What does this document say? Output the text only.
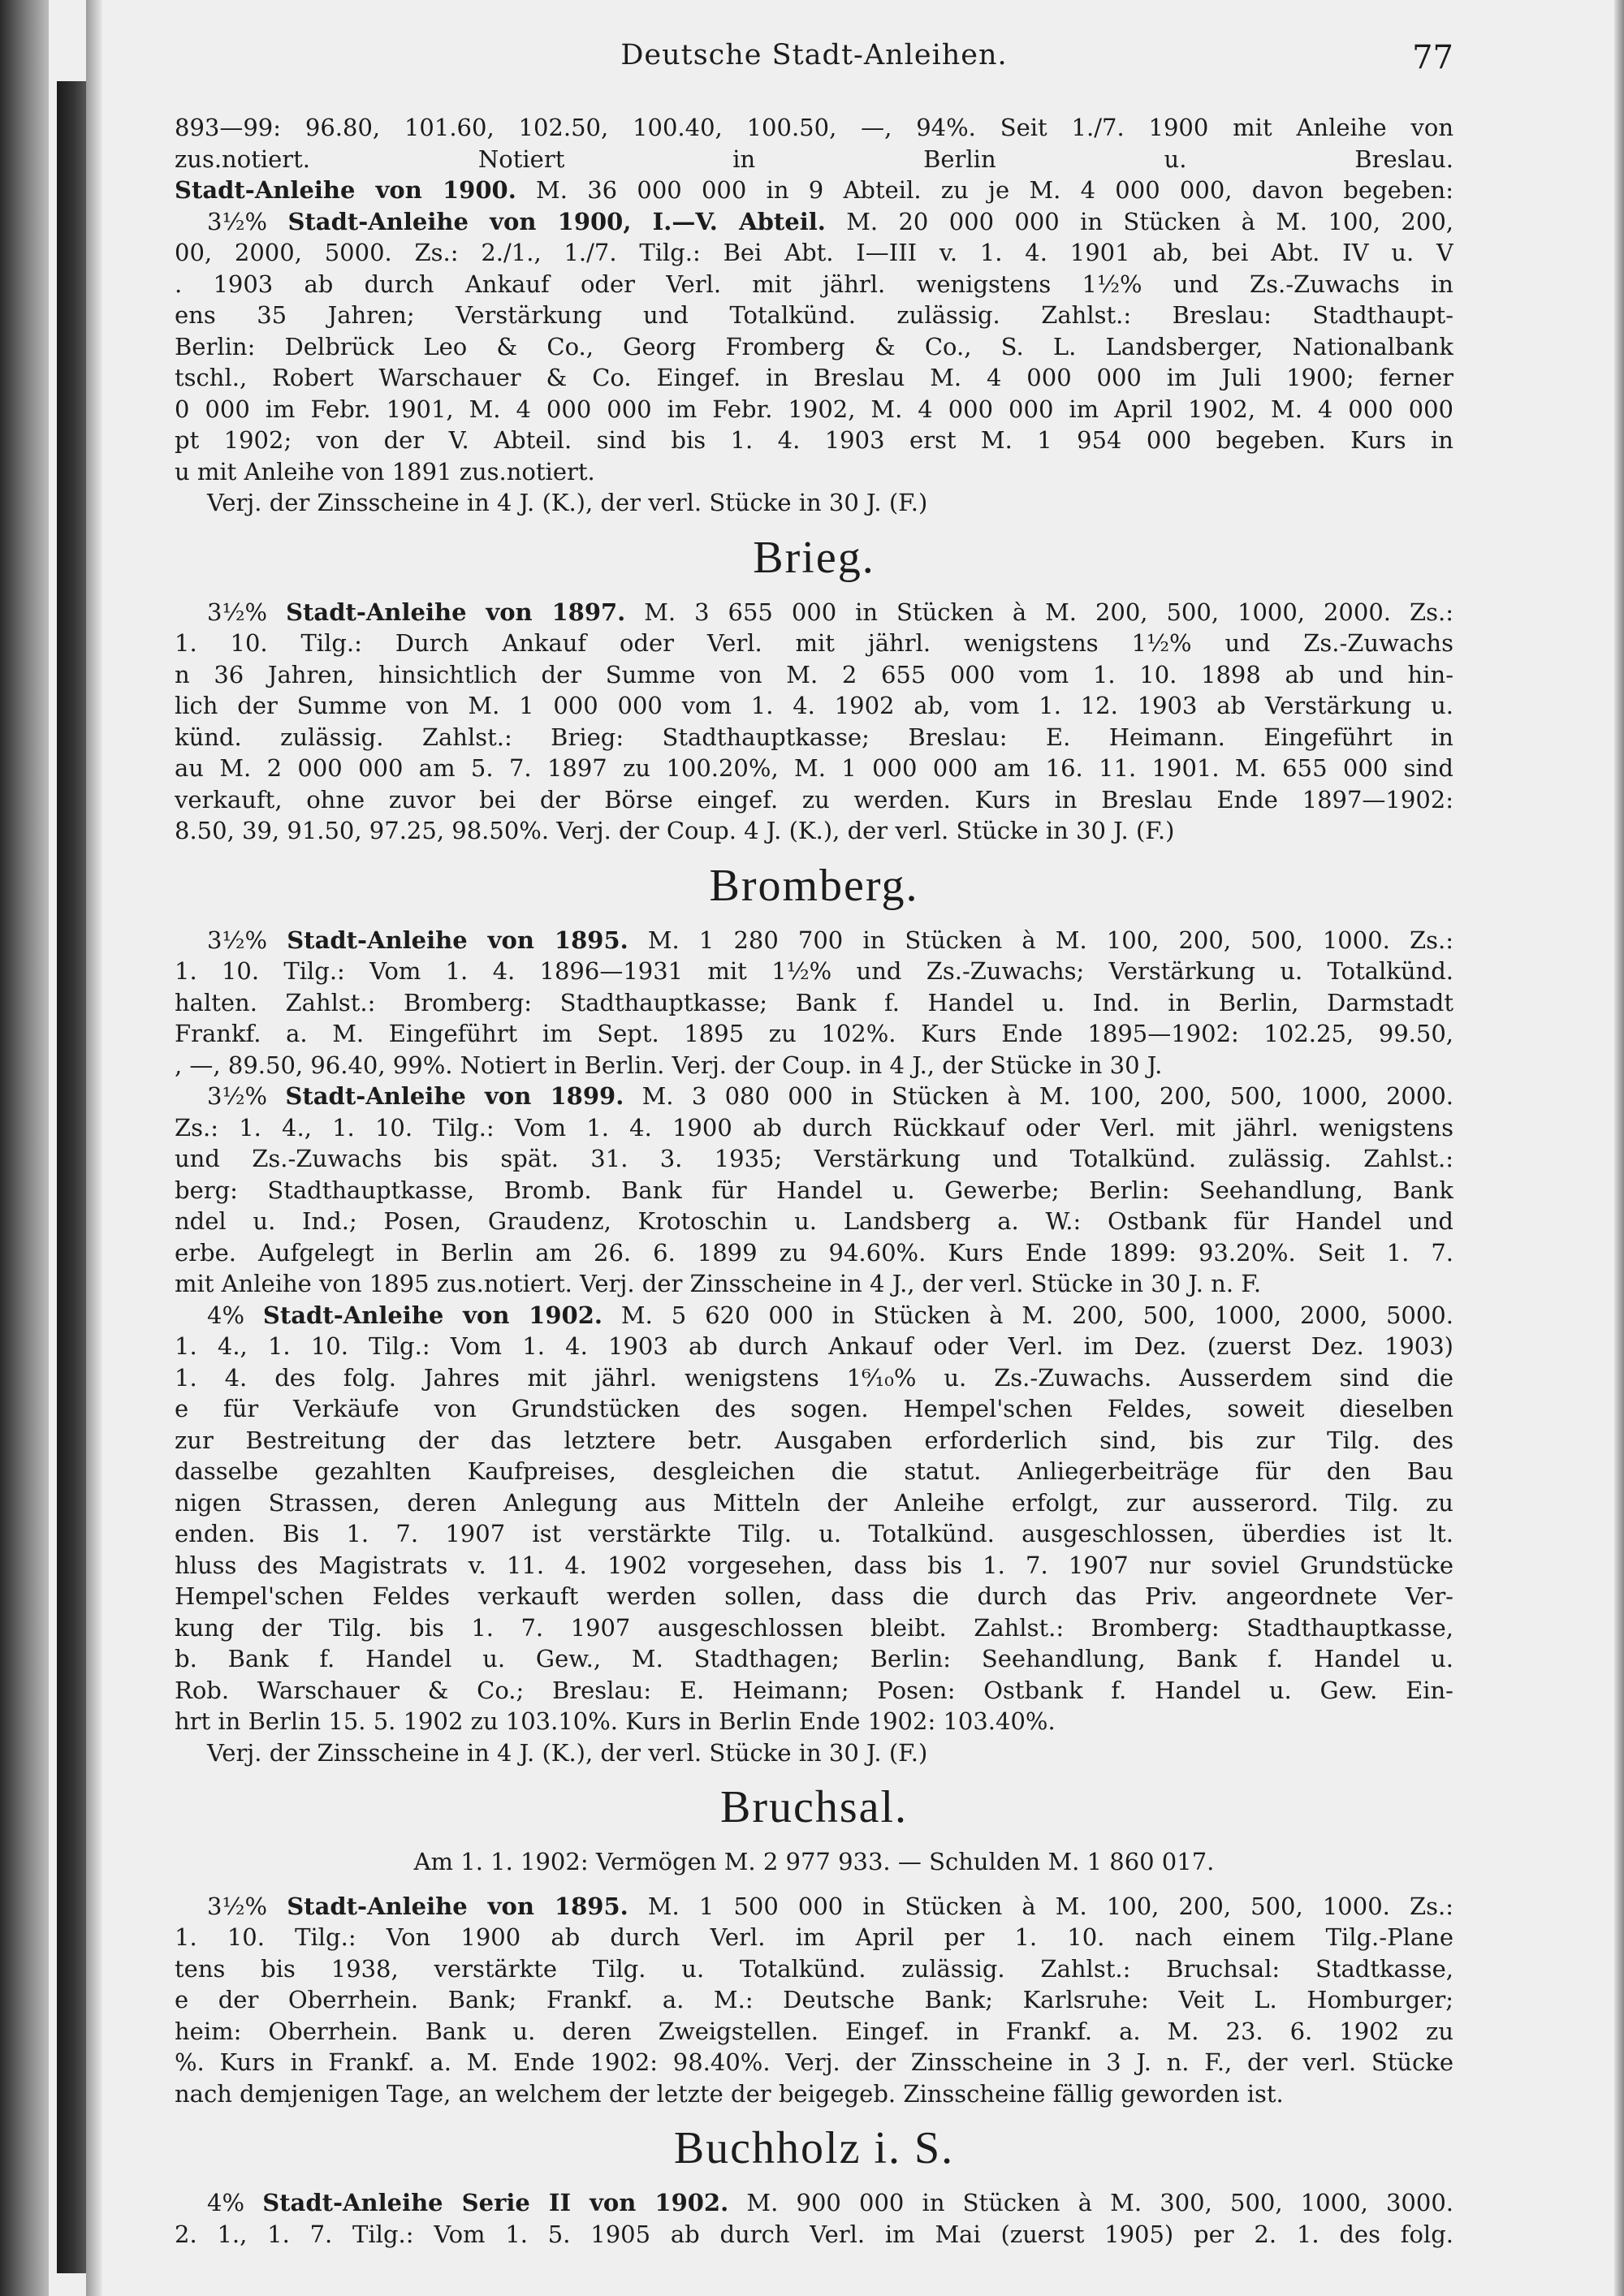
Deutsche Stadt-Anleihen.	77
893—99: 96.80, 101.60, 102.50, 100.40, 100.50, —, 94%. Seit 1./7. 1900 mit Anleihe von
zus.notiert. Notiert in Berlin u. Breslau.
Stadt-Anleihe von 1900. M. 36 000 000 in 9 Abteil. zu je M. 4 000 000, davon begeben:
3½% Stadt-Anleihe von 1900, I.—V. Abteil. M. 20 000 000 in Stücken à M. 100, 200,
00, 2000, 5000. Zs.: 2./1., 1./7. Tilg.: Bei Abt. I—III v. 1. 4. 1901 ab, bei Abt. IV u. V
. 1903 ab durch Ankauf oder Verl. mit jährl. wenigstens 1½% und Zs.-Zuwachs in
ens 35 Jahren; Verstärkung und Totalkünd. zulässig. Zahlst.: Breslau: Stadthaupt-
Berlin: Delbrück Leo & Co., Georg Fromberg & Co., S. L. Landsberger, Nationalbank
tschl., Robert Warschauer & Co. Eingef. in Breslau M. 4 000 000 im Juli 1900; ferner
0 000 im Febr. 1901, M. 4 000 000 im Febr. 1902, M. 4 000 000 im April 1902, M. 4 000 000
pt 1902; von der V. Abteil. sind bis 1. 4. 1903 erst M. 1 954 000 begeben. Kurs in
u mit Anleihe von 1891 zus.notiert.
Verj. der Zinsscheine in 4 J. (K.), der verl. Stücke in 30 J. (F.)
Brieg.
3½% Stadt-Anleihe von 1897. M. 3 655 000 in Stücken à M. 200, 500, 1000, 2000. Zs.:
1. 10. Tilg.: Durch Ankauf oder Verl. mit jährl. wenigstens 1½% und Zs.-Zuwachs
n 36 Jahren, hinsichtlich der Summe von M. 2 655 000 vom 1. 10. 1898 ab und hin-
lich der Summe von M. 1 000 000 vom 1. 4. 1902 ab, vom 1. 12. 1903 ab Verstärkung u.
künd. zulässig. Zahlst.: Brieg: Stadthauptkasse; Breslau: E. Heimann. Eingeführt in
au M. 2 000 000 am 5. 7. 1897 zu 100.20%, M. 1 000 000 am 16. 11. 1901. M. 655 000 sind
verkauft, ohne zuvor bei der Börse eingef. zu werden. Kurs in Breslau Ende 1897—1902:
8.50, 39, 91.50, 97.25, 98.50%. Verj. der Coup. 4 J. (K.), der verl. Stücke in 30 J. (F.)
Bromberg.
3½% Stadt-Anleihe von 1895. M. 1 280 700 in Stücken à M. 100, 200, 500, 1000. Zs.:
1. 10. Tilg.: Vom 1. 4. 1896—1931 mit 1½% und Zs.-Zuwachs; Verstärkung u. Totalkünd.
halten. Zahlst.: Bromberg: Stadthauptkasse; Bank f. Handel u. Ind. in Berlin, Darmstadt
Frankf. a. M. Eingeführt im Sept. 1895 zu 102%. Kurs Ende 1895—1902: 102.25, 99.50,
, —, 89.50, 96.40, 99%. Notiert in Berlin. Verj. der Coup. in 4 J., der Stücke in 30 J.
3½% Stadt-Anleihe von 1899. M. 3 080 000 in Stücken à M. 100, 200, 500, 1000, 2000.
Zs.: 1. 4., 1. 10. Tilg.: Vom 1. 4. 1900 ab durch Rückkauf oder Verl. mit jährl. wenigstens
und Zs.-Zuwachs bis spät. 31. 3. 1935; Verstärkung und Totalkünd. zulässig. Zahlst.:
berg: Stadthauptkasse, Bromb. Bank für Handel u. Gewerbe; Berlin: Seehandlung, Bank
ndel u. Ind.; Posen, Graudenz, Krotoschin u. Landsberg a. W.: Ostbank für Handel und
erbe. Aufgelegt in Berlin am 26. 6. 1899 zu 94.60%. Kurs Ende 1899: 93.20%. Seit 1. 7.
mit Anleihe von 1895 zus.notiert. Verj. der Zinsscheine in 4 J., der verl. Stücke in 30 J. n. F.
4% Stadt-Anleihe von 1902. M. 5 620 000 in Stücken à M. 200, 500, 1000, 2000, 5000.
1. 4., 1. 10. Tilg.: Vom 1. 4. 1903 ab durch Ankauf oder Verl. im Dez. (zuerst Dez. 1903)
1. 4. des folg. Jahres mit jährl. wenigstens 1⁶⁄₁₀% u. Zs.-Zuwachs. Ausserdem sind die
e für Verkäufe von Grundstücken des sogen. Hempel'schen Feldes, soweit dieselben
zur Bestreitung der das letztere betr. Ausgaben erforderlich sind, bis zur Tilg. des
dasselbe gezahlten Kaufpreises, desgleichen die statut. Anliegerbeiträge für den Bau
nigen Strassen, deren Anlegung aus Mitteln der Anleihe erfolgt, zur ausserord. Tilg. zu
enden. Bis 1. 7. 1907 ist verstärkte Tilg. u. Totalkünd. ausgeschlossen, überdies ist lt.
hluss des Magistrats v. 11. 4. 1902 vorgesehen, dass bis 1. 7. 1907 nur soviel Grundstücke
Hempel'schen Feldes verkauft werden sollen, dass die durch das Priv. angeordnete Ver-
kung der Tilg. bis 1. 7. 1907 ausgeschlossen bleibt. Zahlst.: Bromberg: Stadthauptkasse,
b. Bank f. Handel u. Gew., M. Stadthagen; Berlin: Seehandlung, Bank f. Handel u.
Rob. Warschauer & Co.; Breslau: E. Heimann; Posen: Ostbank f. Handel u. Gew. Ein-
hrt in Berlin 15. 5. 1902 zu 103.10%. Kurs in Berlin Ende 1902: 103.40%.
Verj. der Zinsscheine in 4 J. (K.), der verl. Stücke in 30 J. (F.)
Bruchsal.
Am 1. 1. 1902: Vermögen M. 2 977 933. — Schulden M. 1 860 017.
3½% Stadt-Anleihe von 1895. M. 1 500 000 in Stücken à M. 100, 200, 500, 1000. Zs.:
1. 10. Tilg.: Von 1900 ab durch Verl. im April per 1. 10. nach einem Tilg.-Plane
tens bis 1938, verstärkte Tilg. u. Totalkünd. zulässig. Zahlst.: Bruchsal: Stadtkasse,
e der Oberrhein. Bank; Frankf. a. M.: Deutsche Bank; Karlsruhe: Veit L. Homburger;
heim: Oberrhein. Bank u. deren Zweigstellen. Eingef. in Frankf. a. M. 23. 6. 1902 zu
%. Kurs in Frankf. a. M. Ende 1902: 98.40%. Verj. der Zinsscheine in 3 J. n. F., der verl. Stücke
nach demjenigen Tage, an welchem der letzte der beigegeb. Zinsscheine fällig geworden ist.
Buchholz i. S.
4% Stadt-Anleihe Serie II von 1902. M. 900 000 in Stücken à M. 300, 500, 1000, 3000.
2. 1., 1. 7. Tilg.: Vom 1. 5. 1905 ab durch Verl. im Mai (zuerst 1905) per 2. 1. des folg.
